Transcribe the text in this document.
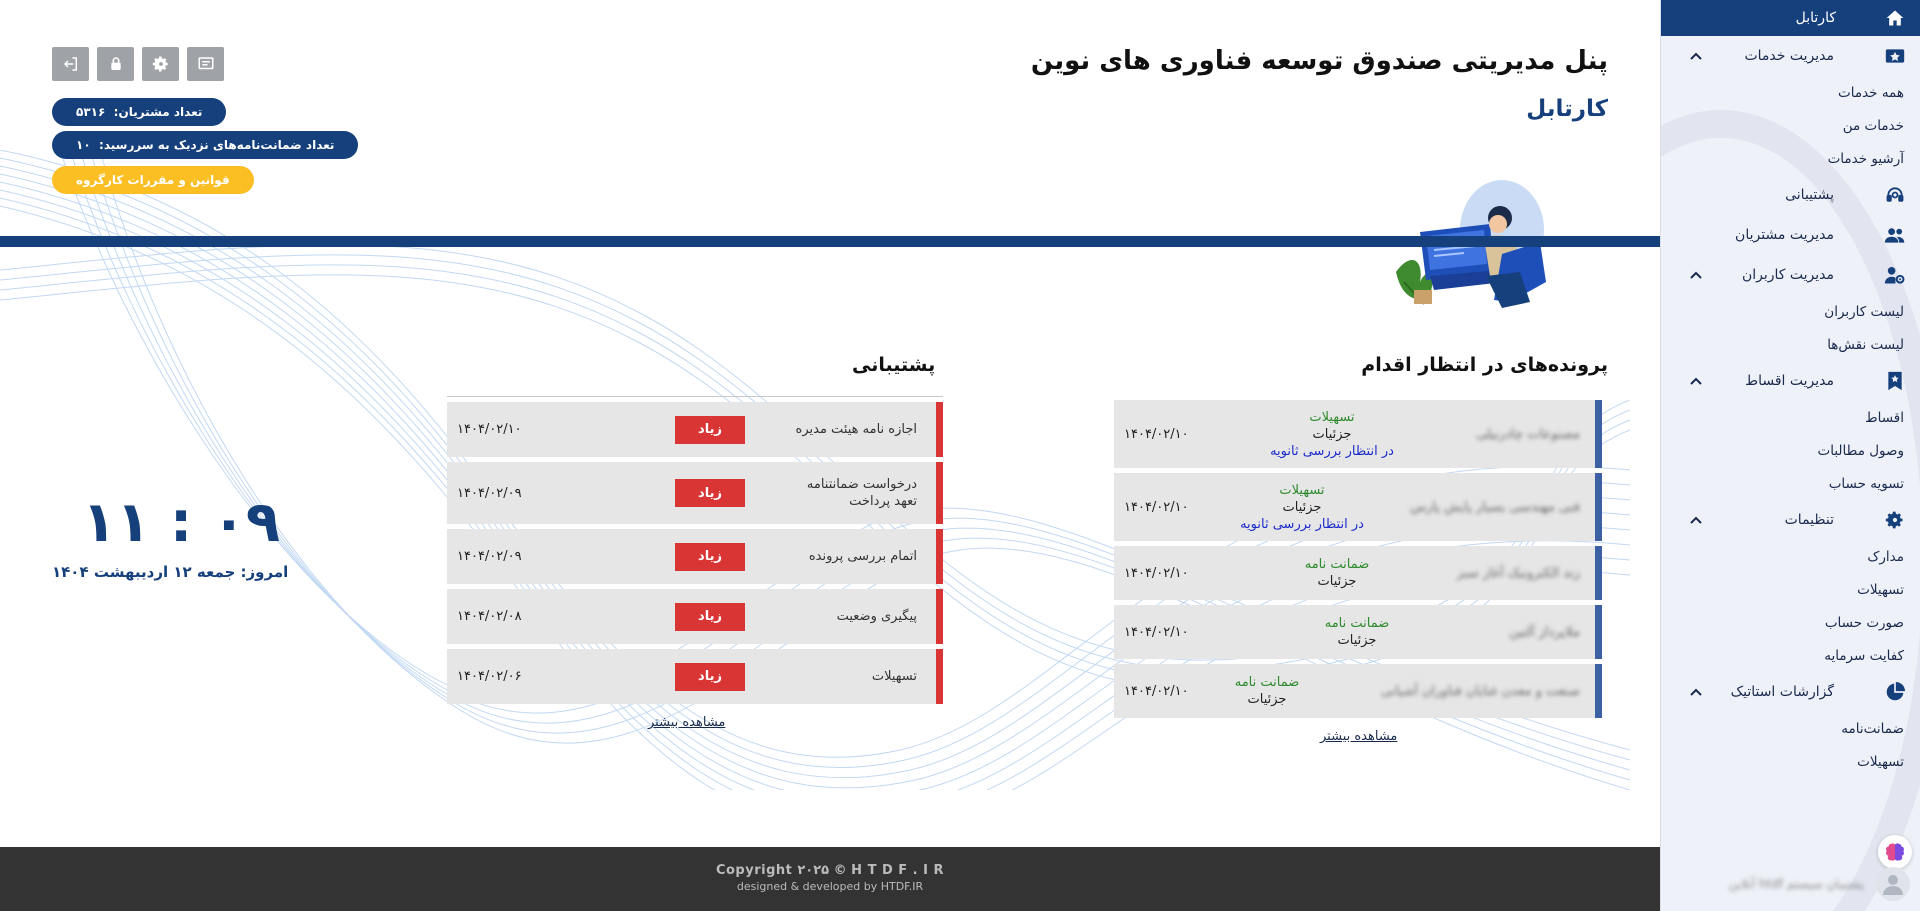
پنل مدیریتی صندوق توسعه فناوری های نوین
کارتابل
تعداد مشتریان:

۵۳۱۶
تعداد ضمانت‌نامه‌های نزدیک به سررسید:

۱۰
قوانین و مقررات کارگروه
۱۱ : ۰۹
امروز: جمعه ۱۲ اردیبهشت ۱۴۰۴
پرونده‌های در انتظار اقدام
مصنوعات چادرنیلی
تسهیلات
جزئیات
در انتظار بررسی ثانویه
۱۴۰۴/۰۲/۱۰
فنی مهندسی بسیار پایش پارس
تسهیلات
جزئیات
در انتظار بررسی ثانویه
۱۴۰۴/۰۲/۱۰
زند الکترونیک آغاز سبز
ضمانت نامه
جزئیات
۱۴۰۴/۰۲/۱۰
ملاپرداز آلتین
ضمانت نامه
جزئیات
۱۴۰۴/۰۲/۱۰
صنعت و معدن غنایان فناوران آشیانی
ضمانت نامه
جزئیات
۱۴۰۴/۰۲/۱۰
مشاهده بیشتر
پشتیبانی
اجازه نامه هیئت مدیره
زیاد
۱۴۰۴/۰۲/۱۰
درخواست ضمانتنامه
تعهد پرداخت
زیاد
۱۴۰۴/۰۲/۰۹
اتمام بررسی پرونده
زیاد
۱۴۰۴/۰۲/۰۹
پیگیری وضعیت
زیاد
۱۴۰۴/۰۲/۰۸
تسهیلات
زیاد
۱۴۰۴/۰۲/۰۶
مشاهده بیشتر
Copyright ۲۰۲۵ © H T D F . I R
designed & developed by HTDF.IR
کارتابل
مدیریت خدمات
همه خدمات
خدمات من
آرشیو خدمات
پشتیبانی
مدیریت مشتریان
مدیریت کاربران
لیست کاربران
لیست نقش‌ها
مدیریت اقساط
اقساط
وصول مطالبات
تسویه حساب
تنظیمات
مدارک
تسهیلات
صورت حساب
کفایت سرمایه
گزارشات استاتیک
ضمانت‌نامه
تسهیلات
پشتیبان سیستم htdf آنلاین
